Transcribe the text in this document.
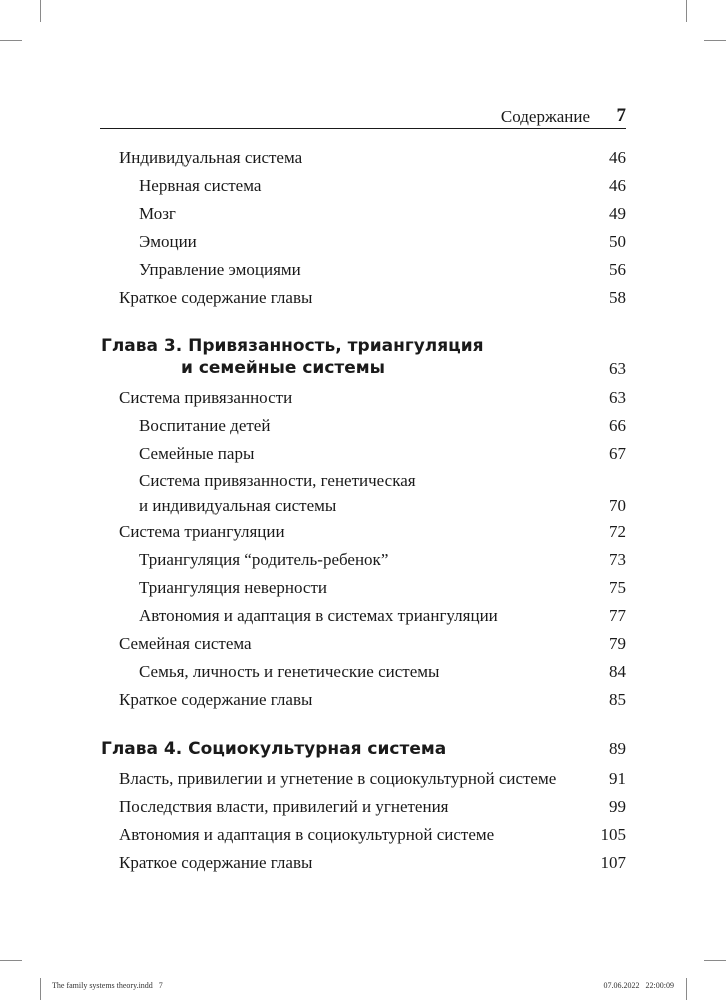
Содержание 7
Индивидуальная система	46
Нервная система	46
Мозг	49
Эмоции	50
Управление эмоциями	56
Краткое содержание главы	58
Глава 3. Привязанность, триангуляция
и семейные системы	63
Система привязанности	63
Воспитание детей	66
Семейные пары	67
Система привязанности, генетическая
и индивидуальная системы	70
Система триангуляции	72
Триангуляция “родитель-ребенок”	73
Триангуляция неверности	75
Автономия и адаптация в системах триангуляции	77
Семейная система	79
Семья, личность и генетические системы	84
Краткое содержание главы	85
Глава 4. Социокультурная система	89
Власть, привилегии и угнетение в социокультурной системе	91
Последствия власти, привилегий и угнетения	99
Автономия и адаптация в социокультурной системе	105
Краткое содержание главы	107
The family systems theory.indd   7	07.06.2022   22:00:09
